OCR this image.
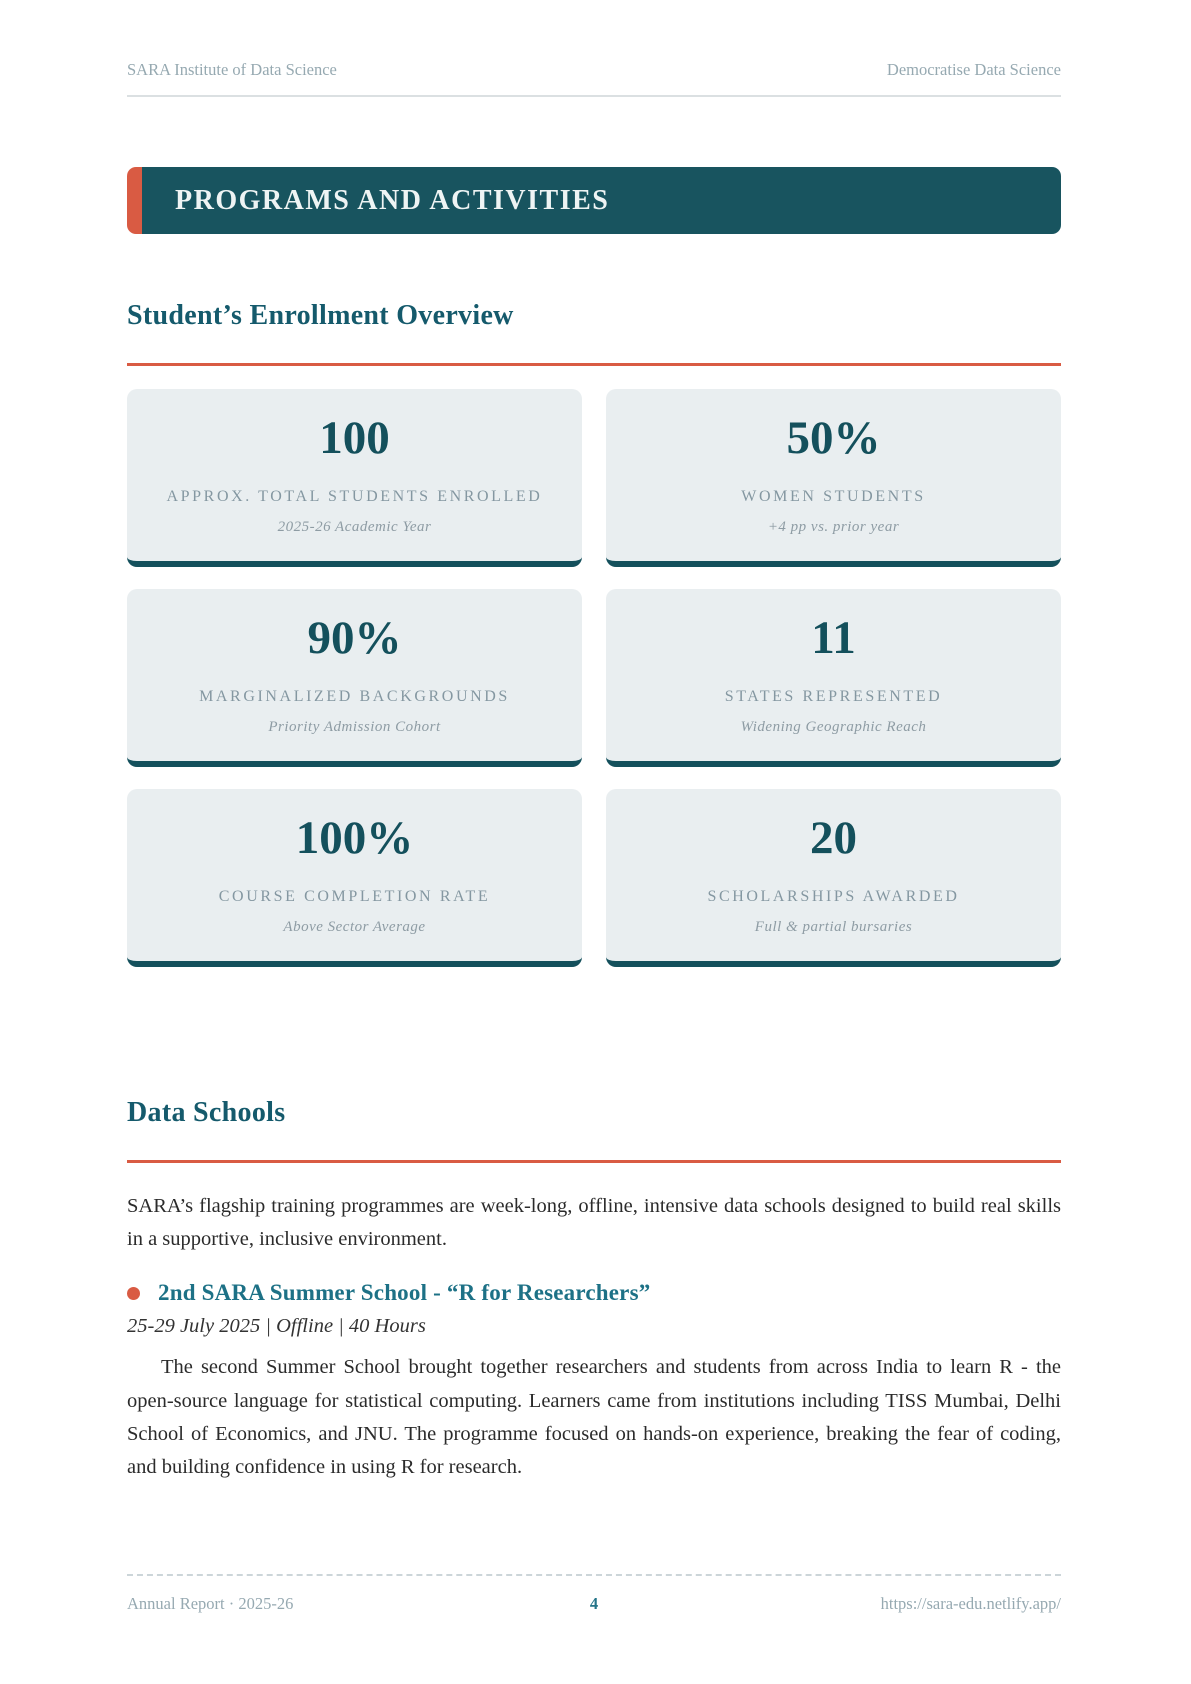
SARA Institute of Data Science	Democratise Data Science
PROGRAMS AND ACTIVITIES
Student’s Enrollment Overview
100
APPROX. TOTAL STUDENTS ENROLLED
2025-26 Academic Year
50%
WOMEN STUDENTS
+4 pp vs. prior year
90%
MARGINALIZED BACKGROUNDS
Priority Admission Cohort
11
STATES REPRESENTED
Widening Geographic Reach
100%
COURSE COMPLETION RATE
Above Sector Average
20
SCHOLARSHIPS AWARDED
Full & partial bursaries
Data Schools

SARA’s flagship training programmes are week-long, offline, intensive data schools designed to build real skills in a supportive, inclusive environment.

2nd SARA Summer School - “R for Researchers”
25-29 July 2025 | Offline | 40 Hours

The second Summer School brought together researchers and students from across India to learn R - the open-source language for statistical computing. Learners came from institutions including TISS Mumbai, Delhi School of Economics, and JNU. The programme focused on hands-on experience, breaking the fear of coding, and building confidence in using R for research.

Annual Report · 2025-26	4	https://sara-edu.netlify.app/
